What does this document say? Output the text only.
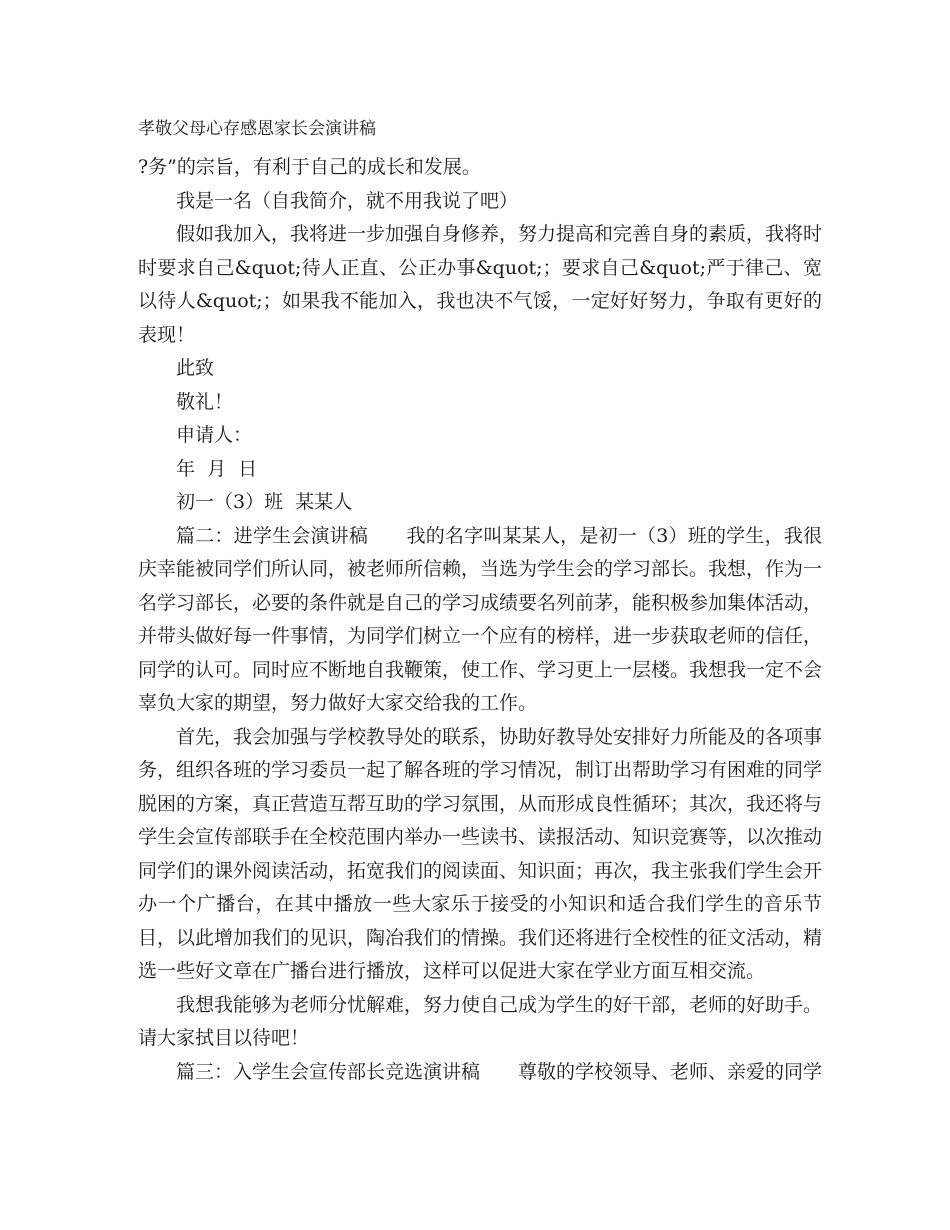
孝敬父母心存感恩家长会演讲稿

?务”的宗旨，有利于自己的成长和发展。

我是一名（自我简介，就不用我说了吧）

假如我加入，我将进一步加强自身修养，努力提高和完善自身的素质，我将时时要求自己&quot;待人正直、公正办事&quot;；要求自己&quot;严于律己、宽以待人&quot;；如果我不能加入，我也决不气馁，一定好好努力，争取有更好的表现！

此致

敬礼！

申请人：

年  月  日

初一（3）班  某某人

篇二：进学生会演讲稿　　我的名字叫某某人，是初一（3）班的学生，我很庆幸能被同学们所认同，被老师所信赖，当选为学生会的学习部长。我想，作为一名学习部长，必要的条件就是自己的学习成绩要名列前茅，能积极参加集体活动，并带头做好每一件事情，为同学们树立一个应有的榜样，进一步获取老师的信任，同学的认可。同时应不断地自我鞭策，使工作、学习更上一层楼。我想我一定不会辜负大家的期望，努力做好大家交给我的工作。

首先，我会加强与学校教导处的联系，协助好教导处安排好力所能及的各项事务，组织各班的学习委员一起了解各班的学习情况，制订出帮助学习有困难的同学脱困的方案，真正营造互帮互助的学习氛围，从而形成良性循环；其次，我还将与学生会宣传部联手在全校范围内举办一些读书、读报活动、知识竞赛等，以次推动同学们的课外阅读活动，拓宽我们的阅读面、知识面；再次，我主张我们学生会开办一个广播台，在其中播放一些大家乐于接受的小知识和适合我们学生的音乐节目，以此增加我们的见识，陶冶我们的情操。我们还将进行全校性的征文活动，精选一些好文章在广播台进行播放，这样可以促进大家在学业方面互相交流。

我想我能够为老师分忧解难，努力使自己成为学生的好干部，老师的好助手。请大家拭目以待吧！

篇三：入学生会宣传部长竞选演讲稿　　尊敬的学校领导、老师、亲爱的同学
